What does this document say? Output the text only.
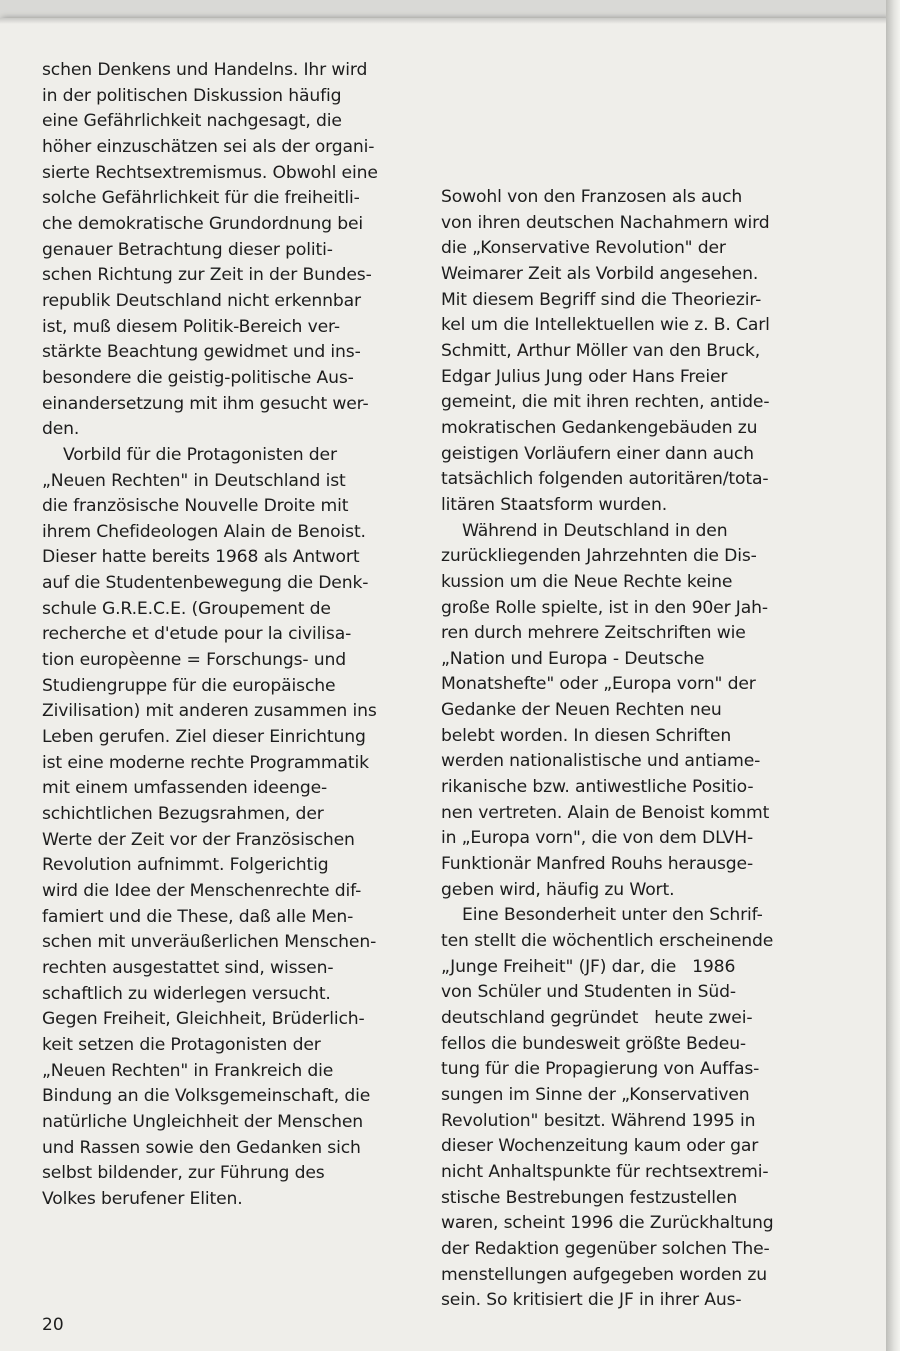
schen Denkens und Handelns. Ihr wird
in der politischen Diskussion häufig
eine Gefährlichkeit nachgesagt, die
höher einzuschätzen sei als der organi-
sierte Rechtsextremismus. Obwohl eine
solche Gefährlichkeit für die freiheitli-
che demokratische Grundordnung bei
genauer Betrachtung dieser politi-
schen Richtung zur Zeit in der Bundes-
republik Deutschland nicht erkennbar
ist, muß diesem Politik-Bereich ver-
stärkte Beachtung gewidmet und ins-
besondere die geistig-politische Aus-
einandersetzung mit ihm gesucht wer-
den.
Vorbild für die Protagonisten der
„Neuen Rechten" in Deutschland ist
die französische Nouvelle Droite mit
ihrem Chefideologen Alain de Benoist.
Dieser hatte bereits 1968 als Antwort
auf die Studentenbewegung die Denk-
schule G.R.E.C.E. (Groupement de
recherche et d'etude pour la civilisa-
tion europèenne = Forschungs- und
Studiengruppe für die europäische
Zivilisation) mit anderen zusammen ins
Leben gerufen. Ziel dieser Einrichtung
ist eine moderne rechte Programmatik
mit einem umfassenden ideenge-
schichtlichen Bezugsrahmen, der
Werte der Zeit vor der Französischen
Revolution aufnimmt. Folgerichtig
wird die Idee der Menschenrechte dif-
famiert und die These, daß alle Men-
schen mit unveräußerlichen Menschen-
rechten ausgestattet sind, wissen-
schaftlich zu widerlegen versucht.
Gegen Freiheit, Gleichheit, Brüderlich-
keit setzen die Protagonisten der
„Neuen Rechten" in Frankreich die
Bindung an die Volksgemeinschaft, die
natürliche Ungleichheit der Menschen
und Rassen sowie den Gedanken sich
selbst bildender, zur Führung des
Volkes berufener Eliten.
Sowohl von den Franzosen als auch
von ihren deutschen Nachahmern wird
die „Konservative Revolution" der
Weimarer Zeit als Vorbild angesehen.
Mit diesem Begriff sind die Theoriezir-
kel um die Intellektuellen wie z. B. Carl
Schmitt, Arthur Möller van den Bruck,
Edgar Julius Jung oder Hans Freier
gemeint, die mit ihren rechten, antide-
mokratischen Gedankengebäuden zu
geistigen Vorläufern einer dann auch
tatsächlich folgenden autoritären/tota-
litären Staatsform wurden.
Während in Deutschland in den
zurückliegenden Jahrzehnten die Dis-
kussion um die Neue Rechte keine
große Rolle spielte, ist in den 90er Jah-
ren durch mehrere Zeitschriften wie
„Nation und Europa - Deutsche
Monatshefte" oder „Europa vorn" der
Gedanke der Neuen Rechten neu
belebt worden. In diesen Schriften
werden nationalistische und antiame-
rikanische bzw. antiwestliche Positio-
nen vertreten. Alain de Benoist kommt
in „Europa vorn", die von dem DLVH-
Funktionär Manfred Rouhs herausge-
geben wird, häufig zu Wort.
Eine Besonderheit unter den Schrif-
ten stellt die wöchentlich erscheinende
„Junge Freiheit" (JF) dar, die   1986
von Schüler und Studenten in Süd-
deutschland gegründet   heute zwei-
fellos die bundesweit größte Bedeu-
tung für die Propagierung von Auffas-
sungen im Sinne der „Konservativen
Revolution" besitzt. Während 1995 in
dieser Wochenzeitung kaum oder gar
nicht Anhaltspunkte für rechtsextremi-
stische Bestrebungen festzustellen
waren, scheint 1996 die Zurückhaltung
der Redaktion gegenüber solchen The-
menstellungen aufgegeben worden zu
sein. So kritisiert die JF in ihrer Aus-
20
